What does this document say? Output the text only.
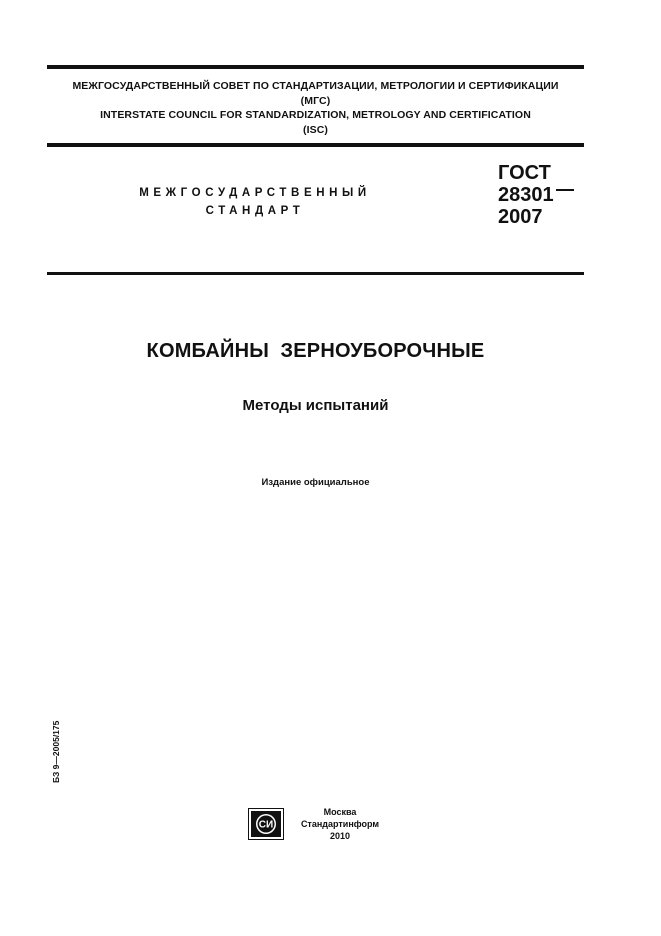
МЕЖГОСУДАРСТВЕННЫЙ СОВЕТ ПО СТАНДАРТИЗАЦИИ, МЕТРОЛОГИИ И СЕРТИФИКАЦИИ
(МГС)
INTERSTATE COUNCIL FOR STANDARDIZATION, METROLOGY AND CERTIFICATION
(ISC)
МЕЖГОСУДАРСТВЕННЫЙ
СТАНДАРТ
ГОСТ
28301
2007
КОМБАЙНЫ  ЗЕРНОУБОРОЧНЫЕ
Методы испытаний
Издание официальное
БЗ 9—2005/175
СИ
Москва
Стандартинформ
2010
